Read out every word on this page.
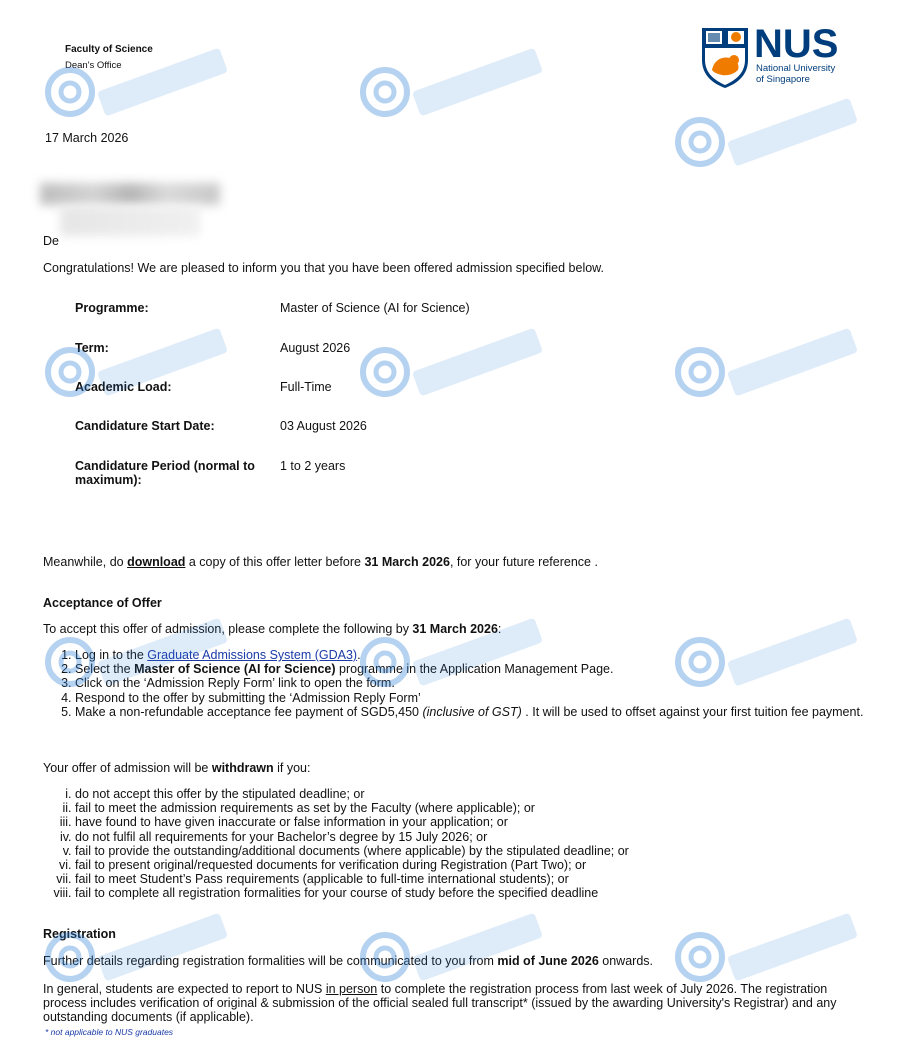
Faculty of Science
Dean's Office	NUS
National University
of Singapore
17 March 2026
De
Congratulations! We are pleased to inform you that you have been offered admission specified below.
Programme:	Master of Science (AI for Science)
Term:	August 2026
Academic Load:	Full-Time
Candidature Start Date:	03 August 2026
Candidature Period (normal to maximum):
1 to 2 years
Meanwhile, do download a copy of this offer letter before 31 March 2026, for your future reference .
Acceptance of Offer
To accept this offer of admission, please complete the following by 31 March 2026:
1. Log in to the Graduate Admissions System (GDA3).
2. Select the Master of Science (AI for Science) programme in the Application Management Page.
3. Click on the ‘Admission Reply Form’ link to open the form.
4. Respond to the offer by submitting the ‘Admission Reply Form’
5. Make a non-refundable acceptance fee payment of SGD5,450 (inclusive of GST) . It will be used to offset against your first tuition fee payment.
Your offer of admission will be withdrawn if you:
i. do not accept this offer by the stipulated deadline; or
ii. fail to meet the admission requirements as set by the Faculty (where applicable); or
iii. have found to have given inaccurate or false information in your application; or
iv. do not fulfil all requirements for your Bachelor’s degree by 15 July 2026; or
v. fail to provide the outstanding/additional documents (where applicable) by the stipulated deadline; or
vi. fail to present original/requested documents for verification during Registration (Part Two); or
vii. fail to meet Student’s Pass requirements (applicable to full-time international students); or
viii. fail to complete all registration formalities for your course of study before the specified deadline
Registration
Further details regarding registration formalities will be communicated to you from mid of June 2026 onwards.
In general, students are expected to report to NUS in person to complete the registration process from last week of July 2026. The registration process includes verification of original & submission of the official sealed full transcript* (issued by the awarding University's Registrar) and any outstanding documents (if applicable).
* not applicable to NUS graduates
